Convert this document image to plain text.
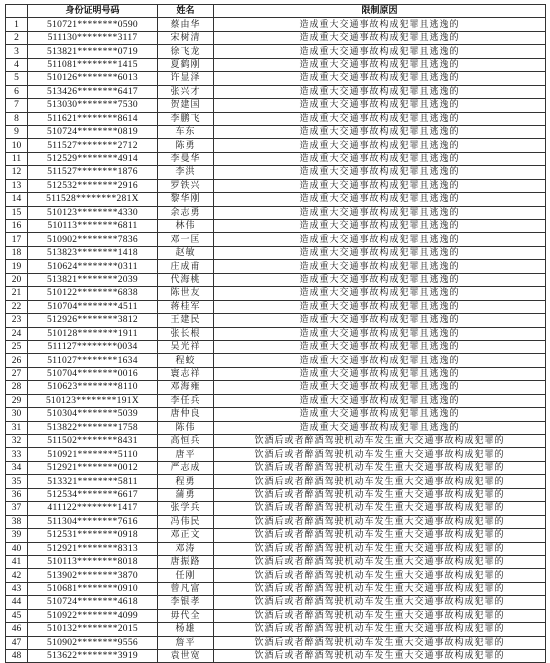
	身份证明号码	姓名	限制原因
1	510721********0590	蔡由华	造成重大交通事故构成犯罪且逃逸的
2	511130********3117	宋树清	造成重大交通事故构成犯罪且逃逸的
3	513821********0719	徐飞龙	造成重大交通事故构成犯罪且逃逸的
4	511081********1415	夏鹤刚	造成重大交通事故构成犯罪且逃逸的
5	510126********6013	许显泽	造成重大交通事故构成犯罪且逃逸的
6	513426********6417	张兴才	造成重大交通事故构成犯罪且逃逸的
7	513030********7530	贺建国	造成重大交通事故构成犯罪且逃逸的
8	511621********8614	李鹏飞	造成重大交通事故构成犯罪且逃逸的
9	510724********0819	车东	造成重大交通事故构成犯罪且逃逸的
10	511527********2712	陈勇	造成重大交通事故构成犯罪且逃逸的
11	512529********4914	李曼华	造成重大交通事故构成犯罪且逃逸的
12	511527********1876	李洪	造成重大交通事故构成犯罪且逃逸的
13	512532********2916	罗铁兴	造成重大交通事故构成犯罪且逃逸的
14	511528********281X	黎华刚	造成重大交通事故构成犯罪且逃逸的
15	510123********4330	余志勇	造成重大交通事故构成犯罪且逃逸的
16	510113********6811	林伟	造成重大交通事故构成犯罪且逃逸的
17	510902********7836	邓一匡	造成重大交通事故构成犯罪且逃逸的
18	513823********1418	赵敏	造成重大交通事故构成犯罪且逃逸的
19	510624********0311	庄成甫	造成重大交通事故构成犯罪且逃逸的
20	513821********2039	代海桃	造成重大交通事故构成犯罪且逃逸的
21	510122********6838	陈世友	造成重大交通事故构成犯罪且逃逸的
22	510704********4511	蒋桂军	造成重大交通事故构成犯罪且逃逸的
23	512926********3812	王建民	造成重大交通事故构成犯罪且逃逸的
24	510128********1911	张长根	造成重大交通事故构成犯罪且逃逸的
25	511127********0034	吴光祥	造成重大交通事故构成犯罪且逃逸的
26	511027********1634	程蛟	造成重大交通事故构成犯罪且逃逸的
27	510704********0016	寰志祥	造成重大交通事故构成犯罪且逃逸的
28	510623********8110	邓海雍	造成重大交通事故构成犯罪且逃逸的
29	510123********191X	李任兵	造成重大交通事故构成犯罪且逃逸的
30	510304********5039	唐仲良	造成重大交通事故构成犯罪且逃逸的
31	513822********1758	陈伟	造成重大交通事故构成犯罪且逃逸的
32	511502********8431	高恒兵	饮酒后或者醉酒驾驶机动车发生重大交通事故构成犯罪的
33	510921********5110	唐平	饮酒后或者醉酒驾驶机动车发生重大交通事故构成犯罪的
34	512921********0012	严志成	饮酒后或者醉酒驾驶机动车发生重大交通事故构成犯罪的
35	513321********5811	程勇	饮酒后或者醉酒驾驶机动车发生重大交通事故构成犯罪的
36	512534********6617	蒲勇	饮酒后或者醉酒驾驶机动车发生重大交通事故构成犯罪的
37	411122********1417	张学兵	饮酒后或者醉酒驾驶机动车发生重大交通事故构成犯罪的
38	511304********7616	冯伟民	饮酒后或者醉酒驾驶机动车发生重大交通事故构成犯罪的
39	512531********0918	邓正文	饮酒后或者醉酒驾驶机动车发生重大交通事故构成犯罪的
40	512921********8313	邓涛	饮酒后或者醉酒驾驶机动车发生重大交通事故构成犯罪的
41	510113********8018	唐振路	饮酒后或者醉酒驾驶机动车发生重大交通事故构成犯罪的
42	513902********3870	任刚	饮酒后或者醉酒驾驶机动车发生重大交通事故构成犯罪的
43	510681********0910	曾凡富	饮酒后或者醉酒驾驶机动车发生重大交通事故构成犯罪的
44	510724********4618	李银孝	饮酒后或者醉酒驾驶机动车发生重大交通事故构成犯罪的
45	510922********4099	毋代全	饮酒后或者醉酒驾驶机动车发生重大交通事故构成犯罪的
46	510132********2015	杨雄	饮酒后或者醉酒驾驶机动车发生重大交通事故构成犯罪的
47	510902********9556	詹平	饮酒后或者醉酒驾驶机动车发生重大交通事故构成犯罪的
48	513622********3919	袁世宽	饮酒后或者醉酒驾驶机动车发生重大交通事故构成犯罪的
